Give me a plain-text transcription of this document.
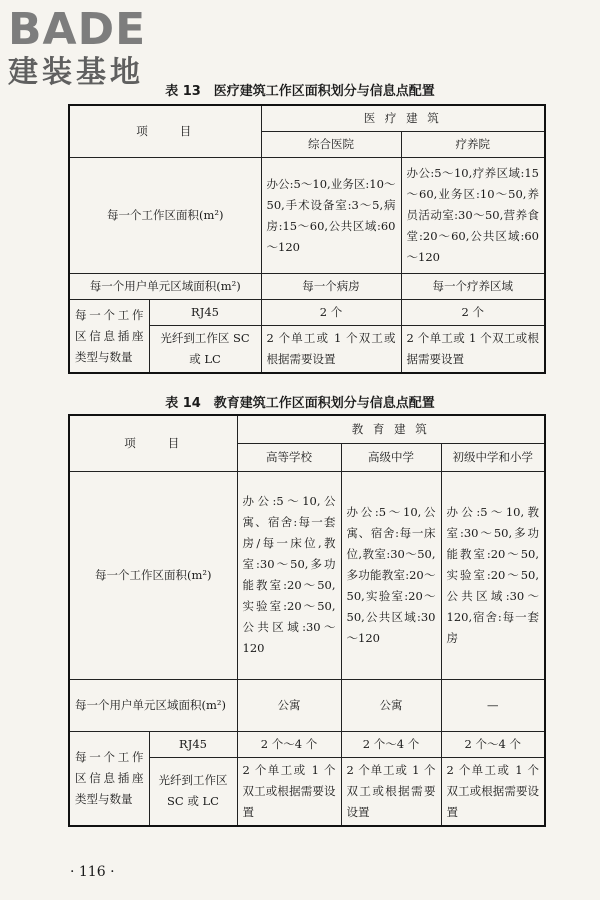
BADE
建装基地
表 13　医疗建筑工作区面积划分与信息点配置
项　　目		医 疗 建 筑	
		综合医院	疗养院
每一个工作区面积(m²)		办公:5～10,业务区:10～50,手术设备室:3～5,病房:15～60,公共区域:60～120	办公:5～10,疗养区域:15～60,业务区:10～50,养员活动室:30～50,营养食堂:20～60,公共区域:60～120
每一个用户单元区域面积(m²)		每一个病房	每一个疗养区域
每一个工作区信息插座类型与数量	RJ45	2 个	2 个
	光纤到工作区 SC 或 LC	2 个单工或 1 个双工或根据需要设置	2 个单工或 1 个双工或根据需要设置
表 14　教育建筑工作区面积划分与信息点配置
项　　目		教 育 建 筑		
		高等学校	高级中学	初级中学和小学
每一个工作区面积(m²)		办公:5～10,公寓、宿舍:每一套房/每一床位,教室:30～50,多功能教室:20～50,实验室:20～50,公共区域:30～120	办公:5～10,公寓、宿舍:每一床位,教室:30～50,多功能教室:20～50,实验室:20～50,公共区域:30～120	办公:5～10,教室:30～50,多功能教室:20～50,实验室:20～50,公共区域:30～120,宿舍:每一套房
每一个用户单元区域面积(m²)		公寓	公寓	—
每一个工作区信息插座类型与数量	RJ45	2 个～4 个	2 个～4 个	2 个～4 个
	光纤到工作区 SC 或 LC	2 个单工或 1 个双工或根据需要设置	2 个单工或 1 个双工或根据需要设置	2 个单工或 1 个双工或根据需要设置
· 116 ·
